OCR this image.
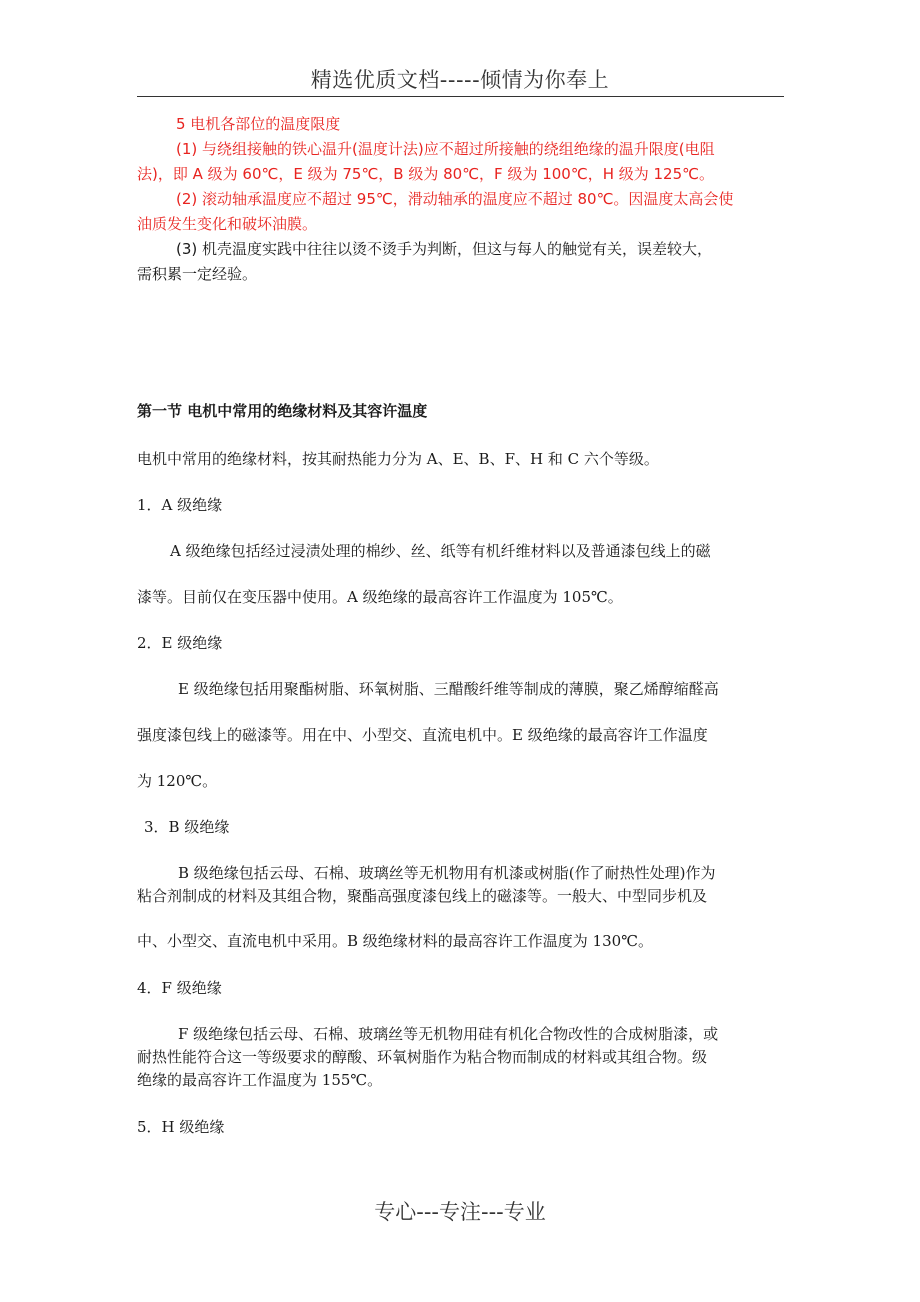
精选优质文档-----倾情为你奉上
5 电机各部位的温度限度
(1) 与绕组接触的铁心温升(温度计法)应不超过所接触的绕组绝缘的温升限度(电阻
法)，即 A 级为 60℃，E 级为 75℃，B 级为 80℃，F 级为 100℃，H 级为 125℃。
(2) 滚动轴承温度应不超过 95℃，滑动轴承的温度应不超过 80℃。因温度太高会使
油质发生变化和破坏油膜。
(3) 机壳温度实践中往往以烫不烫手为判断，但这与每人的触觉有关，误差较大，
需积累一定经验。
第一节 电机中常用的绝缘材料及其容许温度
电机中常用的绝缘材料，按其耐热能力分为 A、E、B、F、H 和 C 六个等级。
1．A 级绝缘
A 级绝缘包括经过浸渍处理的棉纱、丝、纸等有机纤维材料以及普通漆包线上的磁
漆等。目前仅在变压器中使用。A 级绝缘的最高容许工作温度为 105℃。
2．E 级绝缘
E 级绝缘包括用聚酯树脂、环氧树脂、三醋酸纤维等制成的薄膜，聚乙烯醇缩醛高
强度漆包线上的磁漆等。用在中、小型交、直流电机中。E 级绝缘的最高容许工作温度
为 120℃。
3．B 级绝缘
B 级绝缘包括云母、石棉、玻璃丝等无机物用有机漆或树脂(作了耐热性处理)作为
粘合剂制成的材料及其组合物，聚酯高强度漆包线上的磁漆等。一般大、中型同步机及
中、小型交、直流电机中采用。B 级绝缘材料的最高容许工作温度为 130℃。
4．F 级绝缘
F 级绝缘包括云母、石棉、玻璃丝等无机物用硅有机化合物改性的合成树脂漆，或
耐热性能符合这一等级要求的醇酸、环氧树脂作为粘合物而制成的材料或其组合物。级
绝缘的最高容许工作温度为 155℃。
5．H 级绝缘
专心---专注---专业
